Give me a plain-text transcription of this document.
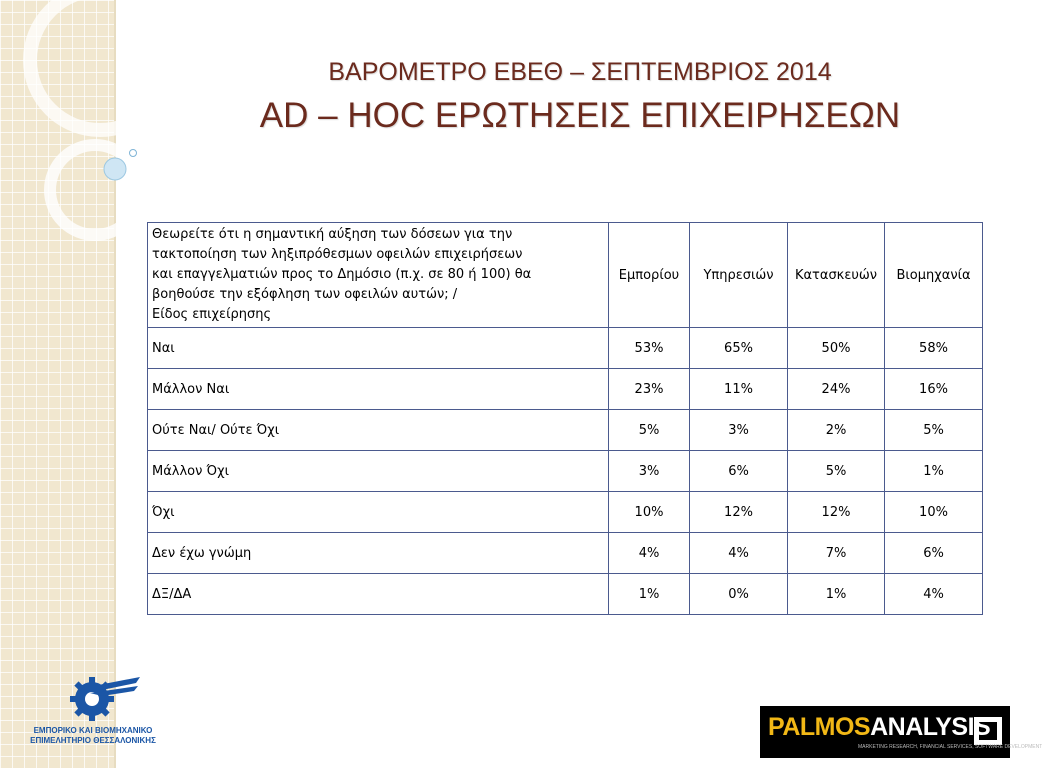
ΒΑΡΟΜΕΤΡΟ ΕΒΕΘ – ΣΕΠΤΕΜΒΡΙΟΣ 2014
AD – HOC ΕΡΩΤΗΣΕΙΣ ΕΠΙΧΕΙΡΗΣΕΩΝ
Θεωρείτε ότι η σημαντική αύξηση των δόσεων για την
τακτοποίηση των ληξιπρόθεσμων οφειλών επιχειρήσεων
και επαγγελματιών προς το Δημόσιο (π.χ. σε 80 ή 100) θα
βοηθούσε την εξόφληση των οφειλών αυτών; /
Είδος επιχείρησης	Εμπορίου	Υπηρεσιών	Κατασκευών	Βιομηχανία
Ναι	53%	65%	50%	58%
Μάλλον Ναι	23%	11%	24%	16%
Ούτε Ναι/ Ούτε Όχι	5%	3%	2%	5%
Μάλλον Όχι	3%	6%	5%	1%
Όχι	10%	12%	12%	10%
Δεν έχω γνώμη	4%	4%	7%	6%
ΔΞ/ΔΑ	1%	0%	1%	4%
ΕΜΠΟΡΙΚΟ ΚΑΙ ΒΙΟΜΗΧΑΝΙΚΟ
ΕΠΙΜΕΛΗΤΗΡΙΟ ΘΕΣΣΑΛΟΝΙΚΗΣ	PALMOSANALYSIS
MARKETING RESEARCH, FINANCIAL SERVICES, SOFTWARE DEVELOPMENT
